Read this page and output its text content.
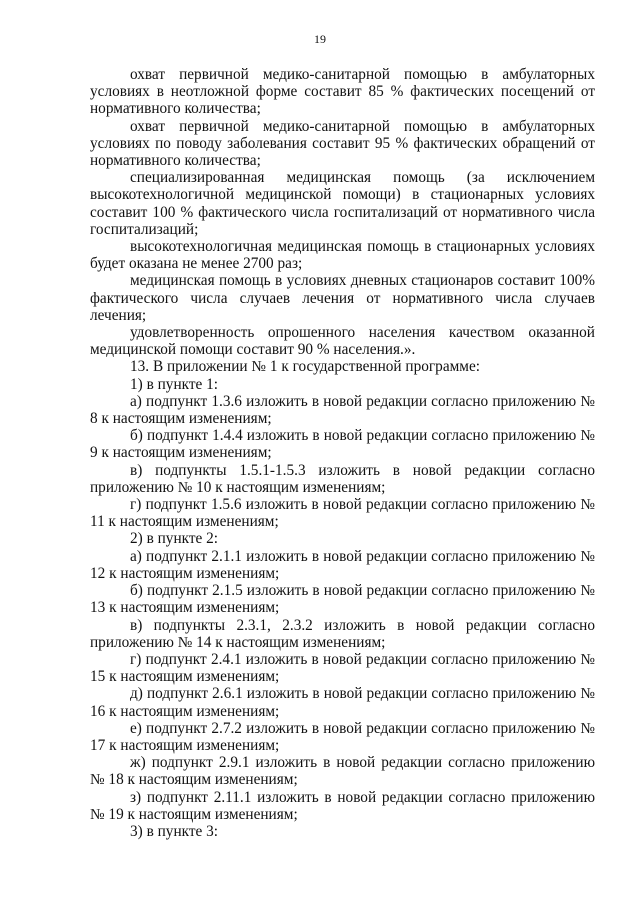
19

охват первичной медико-санитарной помощью в амбулаторных условиях в неотложной форме составит 85 % фактических посещений от нормативного количества;

охват первичной медико-санитарной помощью в амбулаторных условиях по поводу заболевания составит 95 % фактических обращений от нормативного количества;

специализированная медицинская помощь (за исключением высокотехнологичной медицинской помощи) в стационарных условиях составит 100 % фактического числа госпитализаций от нормативного числа госпитализаций;

высокотехнологичная медицинская помощь в стационарных условиях будет оказана не менее 2700 раз;

медицинская помощь в условиях дневных стационаров составит 100% фактического числа случаев лечения от нормативного числа случаев лечения;

удовлетворенность опрошенного населения качеством оказанной медицинской помощи составит 90 % населения.».

13. В приложении № 1 к государственной программе:

1) в пункте 1:

а) подпункт 1.3.6 изложить в новой редакции согласно приложению № 8 к настоящим изменениям;

б) подпункт 1.4.4 изложить в новой редакции согласно приложению № 9 к настоящим изменениям;

в) подпункты 1.5.1-1.5.3 изложить в новой редакции согласно приложению № 10 к настоящим изменениям;

г) подпункт 1.5.6 изложить в новой редакции согласно приложению № 11 к настоящим изменениям;

2) в пункте 2:

а) подпункт 2.1.1 изложить в новой редакции согласно приложению № 12 к настоящим изменениям;

б) подпункт 2.1.5 изложить в новой редакции согласно приложению № 13 к настоящим изменениям;

в) подпункты 2.3.1, 2.3.2 изложить в новой редакции согласно приложению № 14 к настоящим изменениям;

г) подпункт 2.4.1 изложить в новой редакции согласно приложению № 15 к настоящим изменениям;

д) подпункт 2.6.1 изложить в новой редакции согласно приложению № 16 к настоящим изменениям;

е) подпункт 2.7.2 изложить в новой редакции согласно приложению № 17 к настоящим изменениям;

ж) подпункт 2.9.1 изложить в новой редакции согласно приложению № 18 к настоящим изменениям;

з) подпункт 2.11.1 изложить в новой редакции согласно приложению № 19 к настоящим изменениям;

3) в пункте 3:
